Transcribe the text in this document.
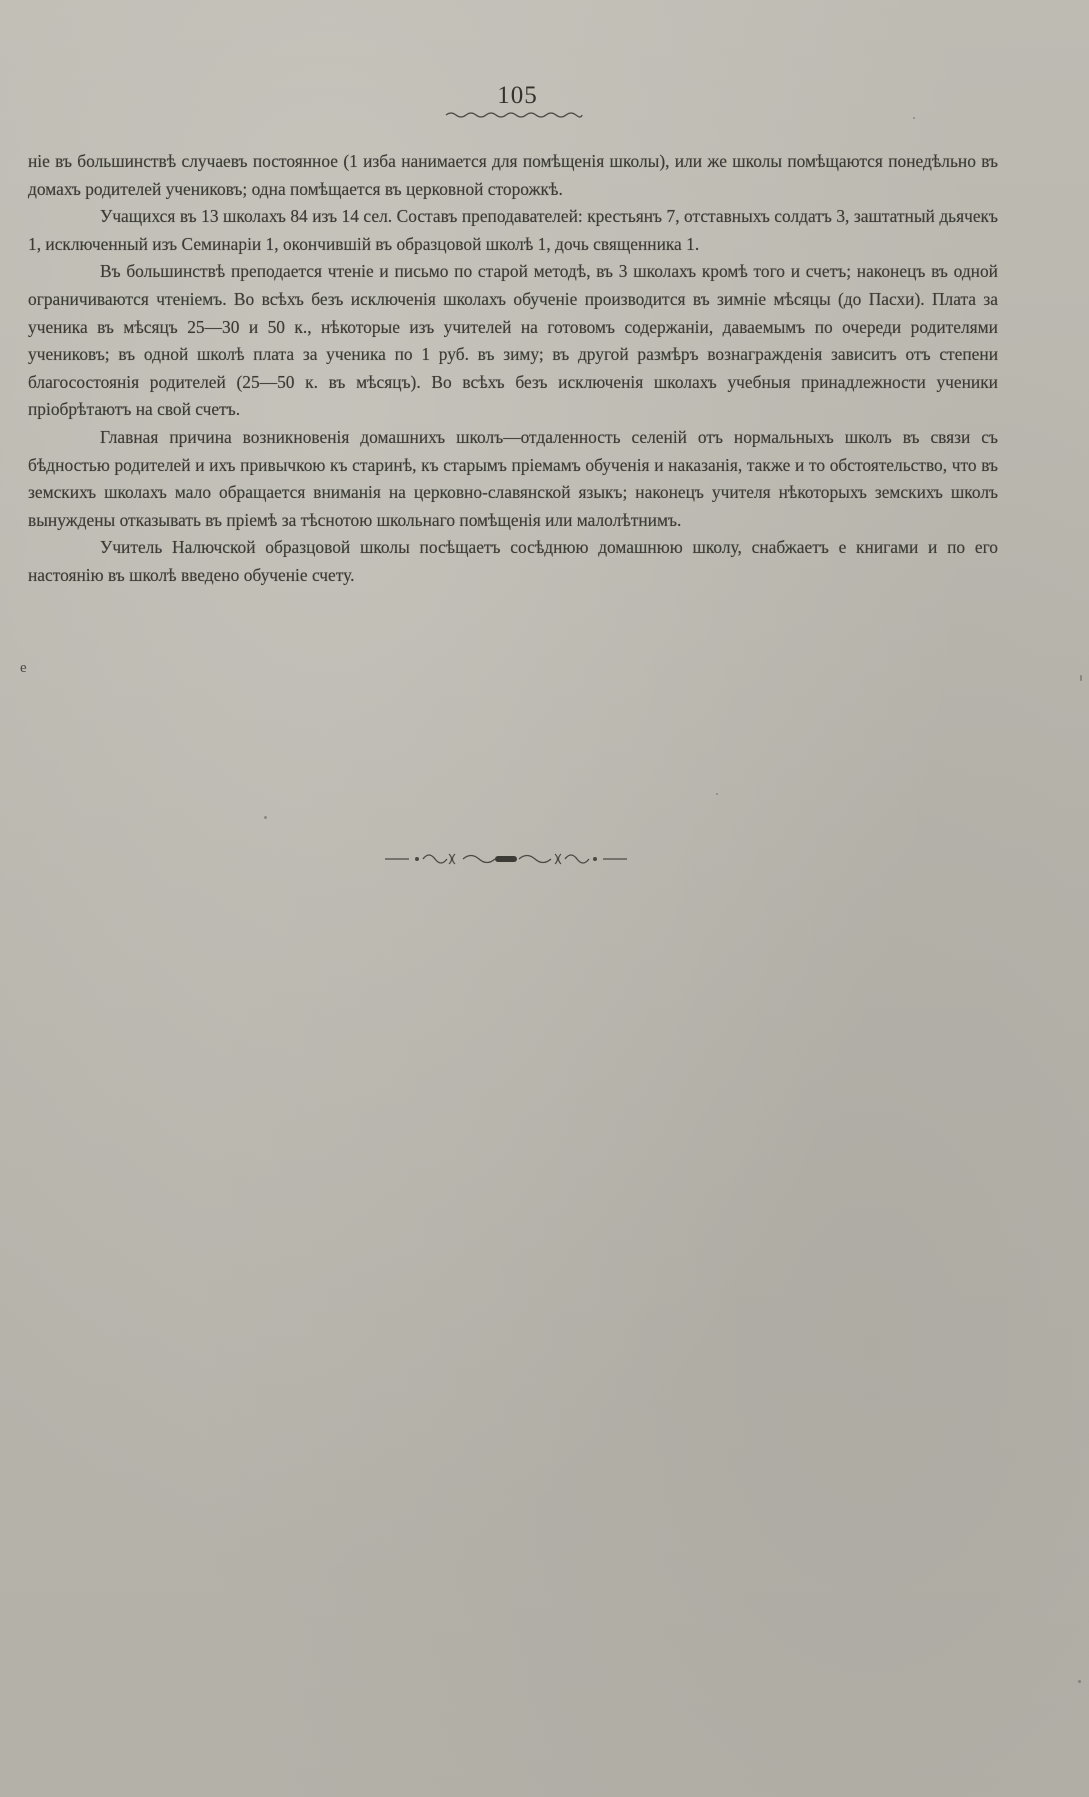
105

ніе въ большинствѣ случаевъ постоянное (1 изба нанимается для помѣщенія школы), или же школы помѣщаются понедѣльно въ домахъ родителей учениковъ; одна помѣщается въ церковной сторожкѣ.

Учащихся въ 13 школахъ 84 изъ 14 сел. Составъ преподавателей: крестьянъ 7, отставныхъ солдатъ 3, заштатный дьячекъ 1, исключенный изъ Семинаріи 1, окончившій въ образцовой школѣ 1, дочь священника 1.

Въ большинствѣ преподается чтеніе и письмо по старой методѣ, въ 3 школахъ кромѣ того и счетъ; наконецъ въ одной ограничиваются чтеніемъ. Во всѣхъ безъ исключенія школахъ обученіе производится въ зимніе мѣсяцы (до Пасхи). Плата за ученика въ мѣсяцъ 25—30 и 50 к., нѣкоторые изъ учителей на готовомъ содержаніи, даваемымъ по очереди родителями учениковъ; въ одной школѣ плата за ученика по 1 руб. въ зиму; въ другой размѣръ вознагражденія зависитъ отъ степени благосостоянія родителей (25—50 к. въ мѣсяцъ). Во всѣхъ безъ исключенія школахъ учебныя принадлежности ученики пріобрѣтаютъ на свой счетъ.

Главная причина возникновенія домашнихъ школъ—отдаленность селеній отъ нормальныхъ школъ въ связи съ бѣдностью родителей и ихъ привычкою къ старинѣ, къ старымъ пріемамъ обученія и наказанія, также и то обстоятельство, что въ земскихъ школахъ мало обращается вниманія на церковно-славянской языкъ; наконецъ учителя нѣкоторыхъ земскихъ школъ вынуждены отказывать въ пріемѣ за тѣснотою школьнаго помѣщенія или малолѣтнимъ.

Учитель Налючской образцовой школы посѣщаетъ сосѣднюю домашнюю школу, снабжаетъ е книгами и по его настоянію въ школѣ введено обученіе счету.

e
